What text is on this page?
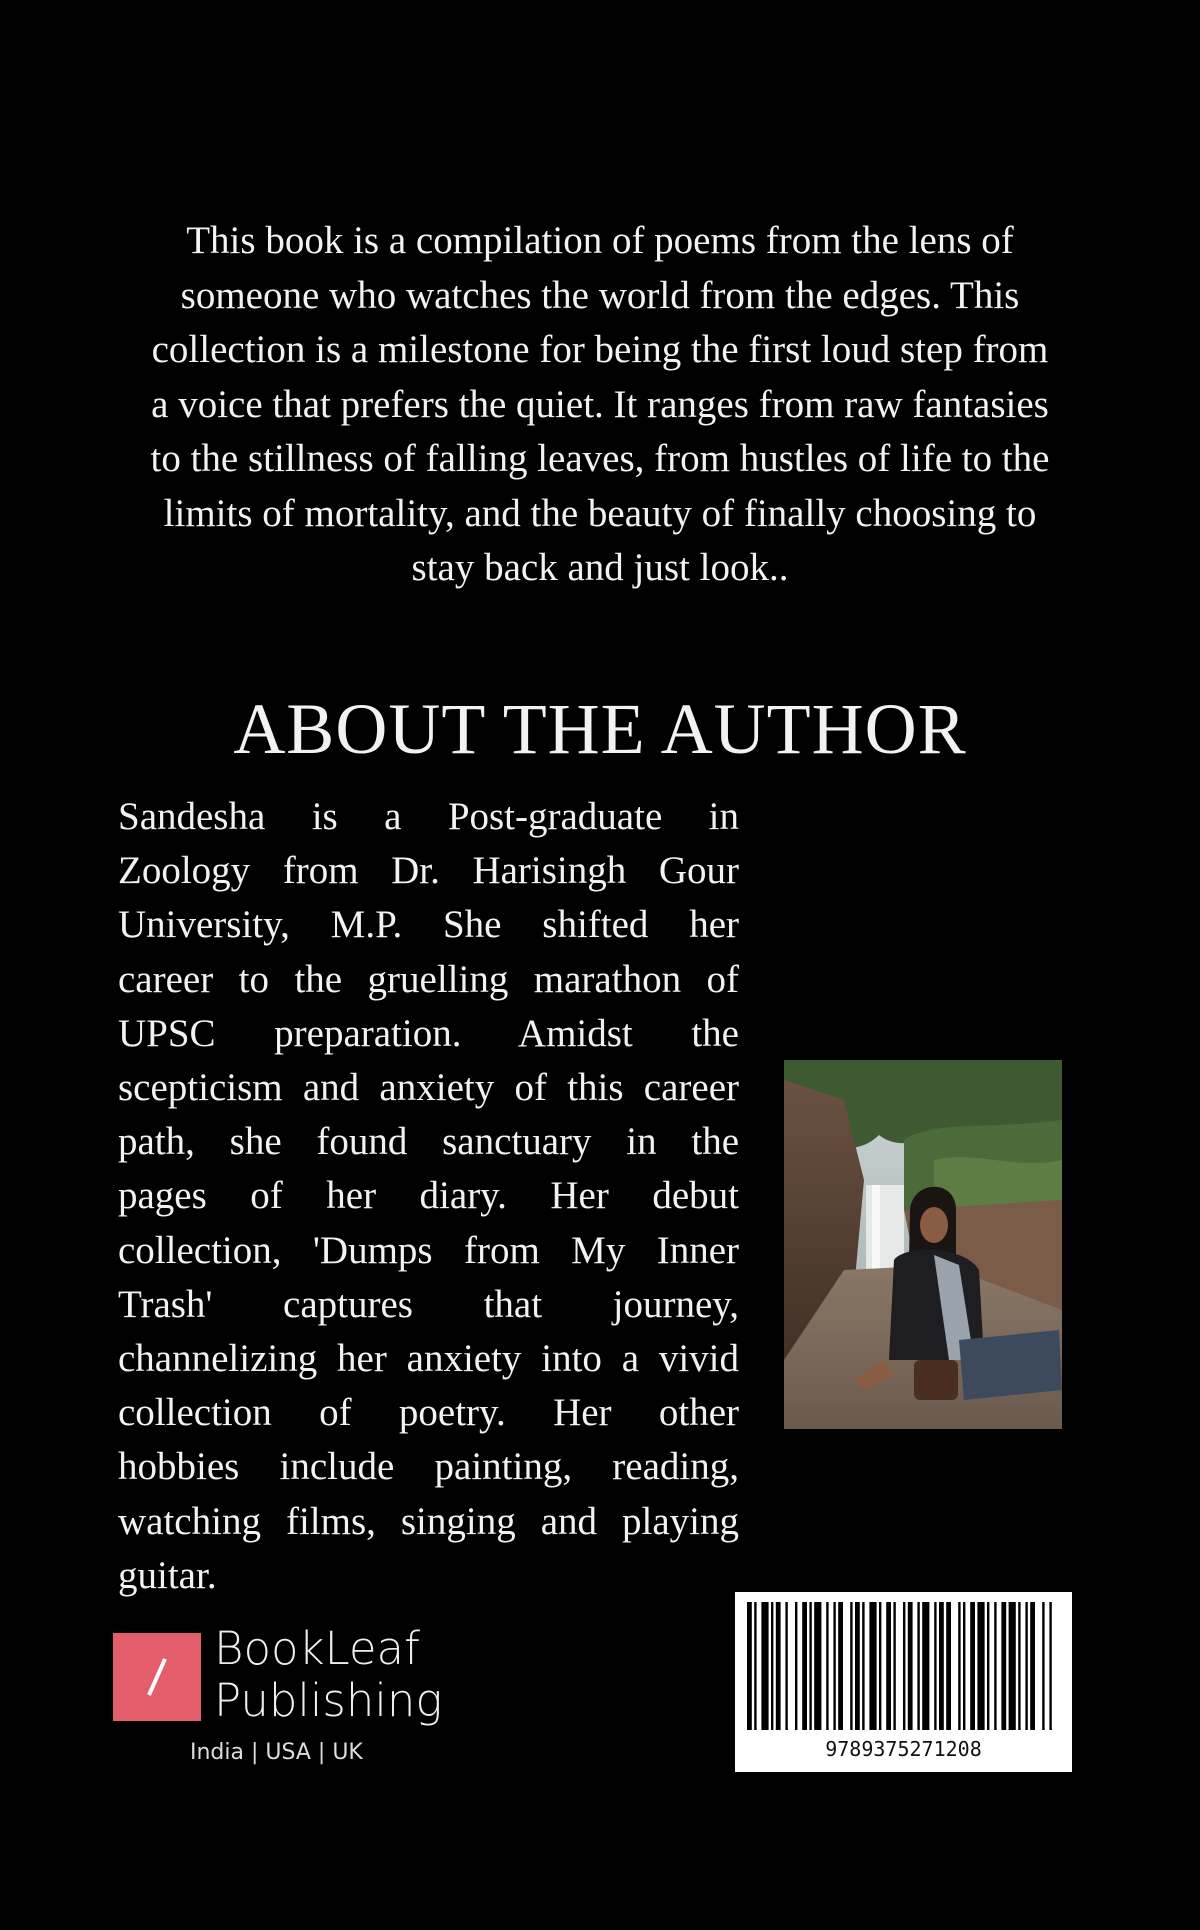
This book is a compilation of poems from the lens of
someone who watches the world from the edges. This
collection is a milestone for being the first loud step from
a voice that prefers the quiet. It ranges from raw fantasies
to the stillness of falling leaves, from hustles of life to the
limits of mortality, and the beauty of finally choosing to
stay back and just look..
ABOUT THE AUTHOR
Sandesha is a Post-graduate in
Zoology from Dr. Harisingh Gour
University, M.P. She shifted her
career to the gruelling marathon of
UPSC preparation. Amidst the
scepticism and anxiety of this career
path, she found sanctuary in the
pages of her diary. Her debut
collection, 'Dumps from My Inner
Trash' captures that journey,
channelizing her anxiety into a vivid
collection of poetry. Her other
hobbies include painting, reading,
watching films, singing and playing
guitar.
BookLeaf
Publishing
India | USA | UK	9789375271208
